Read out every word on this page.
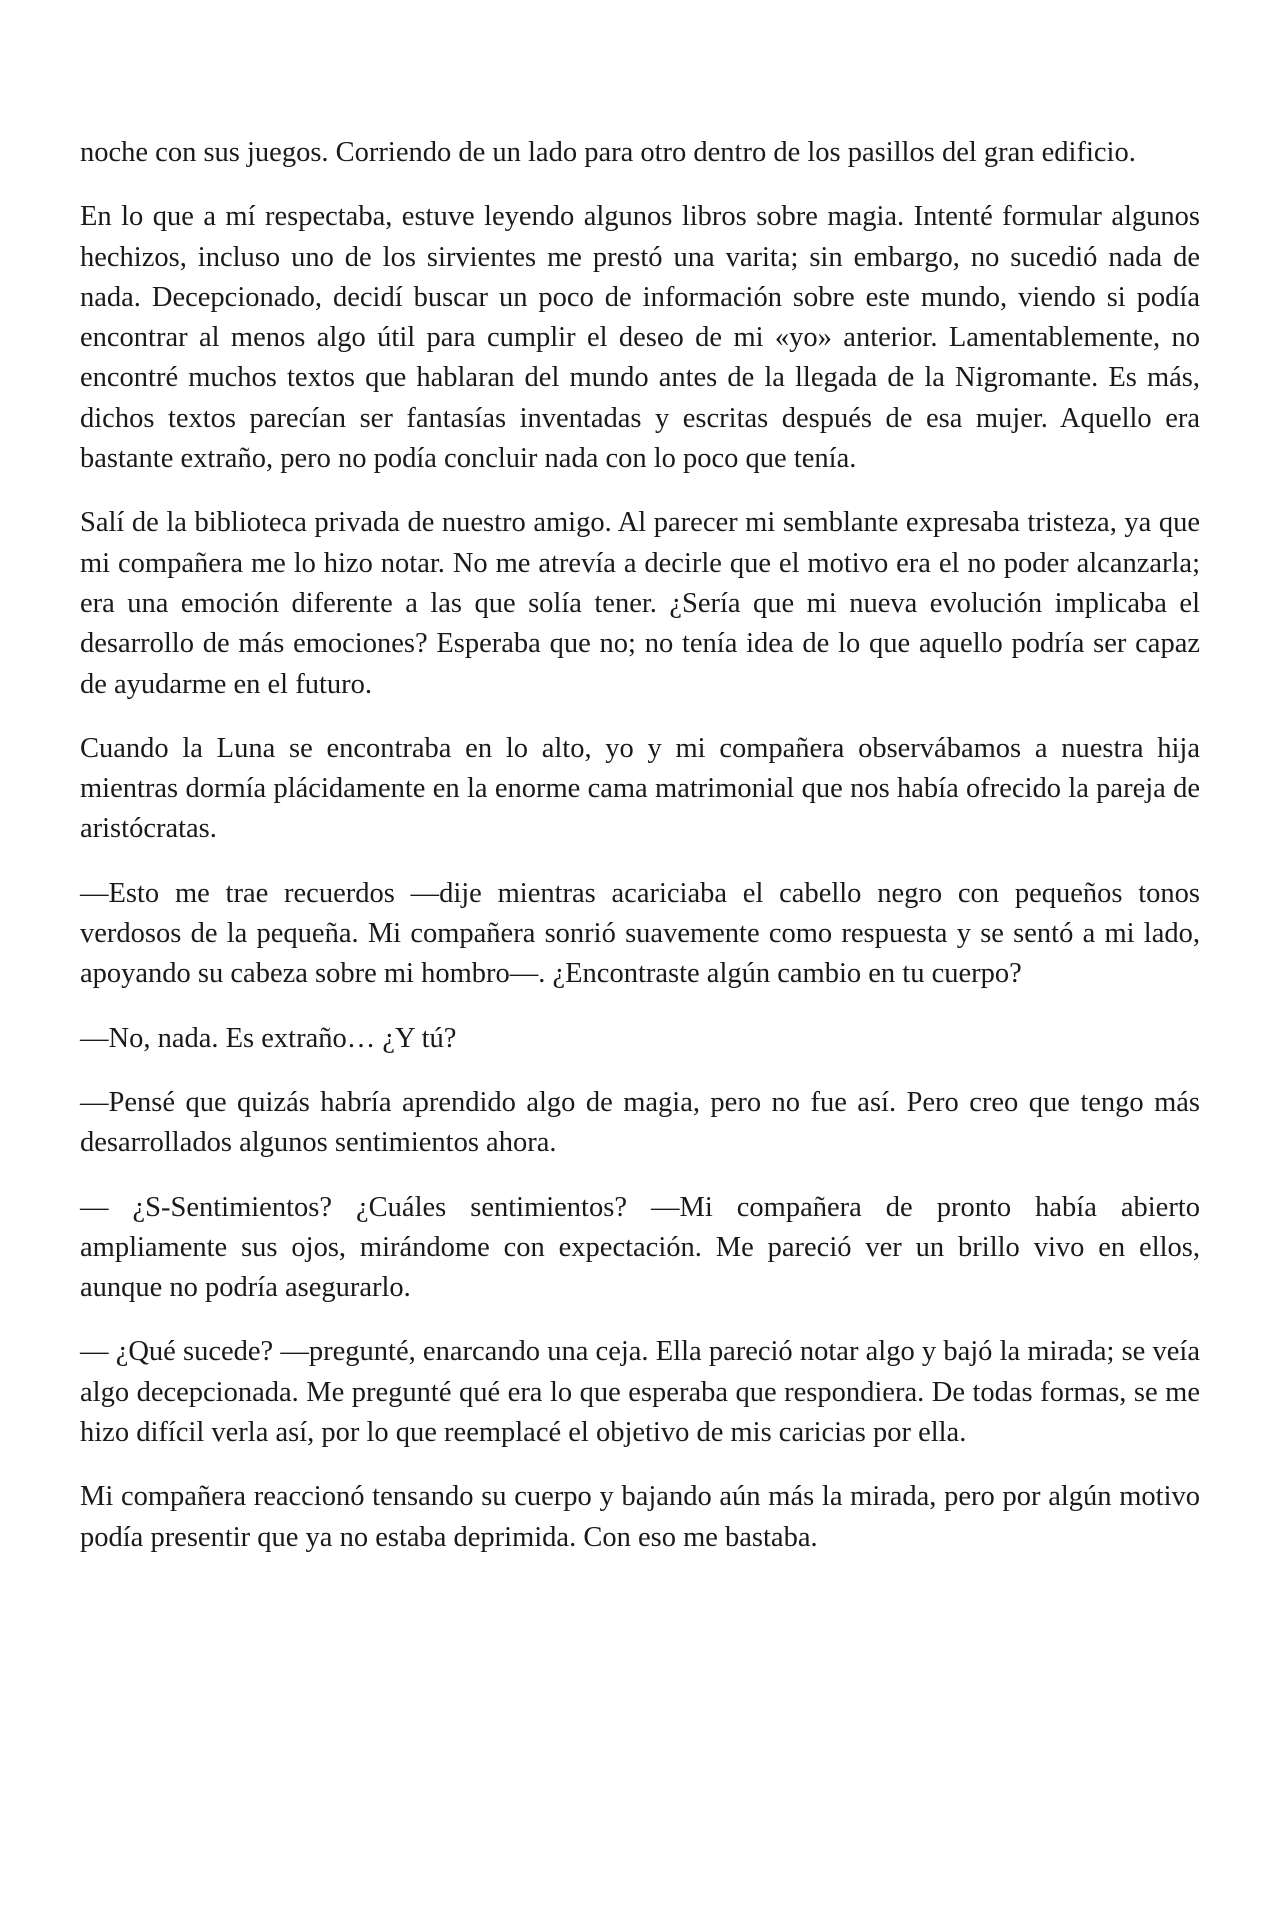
noche con sus juegos. Corriendo de un lado para otro dentro de los pasillos del gran edificio.

En lo que a mí respectaba, estuve leyendo algunos libros sobre magia. Intenté formular algunos hechizos, incluso uno de los sirvientes me prestó una varita; sin embargo, no sucedió nada de nada. Decepcionado, decidí buscar un poco de información sobre este mundo, viendo si podía encontrar al menos algo útil para cumplir el deseo de mi «yo» anterior. Lamentablemente, no encontré muchos textos que hablaran del mundo antes de la llegada de la Nigromante. Es más, dichos textos parecían ser fantasías inventadas y escritas después de esa mujer. Aquello era bastante extraño, pero no podía concluir nada con lo poco que tenía.

Salí de la biblioteca privada de nuestro amigo. Al parecer mi semblante expresaba tristeza, ya que mi compañera me lo hizo notar. No me atrevía a decirle que el motivo era el no poder alcanzarla; era una emoción diferente a las que solía tener. ¿Sería que mi nueva evolución implicaba el desarrollo de más emociones? Esperaba que no; no tenía idea de lo que aquello podría ser capaz de ayudarme en el futuro.

Cuando la Luna se encontraba en lo alto, yo y mi compañera observábamos a nuestra hija mientras dormía plácidamente en la enorme cama matrimonial que nos había ofrecido la pareja de aristócratas.

—Esto me trae recuerdos —dije mientras acariciaba el cabello negro con pequeños tonos verdosos de la pequeña. Mi compañera sonrió suavemente como respuesta y se sentó a mi lado, apoyando su cabeza sobre mi hombro—. ¿Encontraste algún cambio en tu cuerpo?

—No, nada. Es extraño… ¿Y tú?

—Pensé que quizás habría aprendido algo de magia, pero no fue así. Pero creo que tengo más desarrollados algunos sentimientos ahora.

— ¿S-Sentimientos? ¿Cuáles sentimientos? —Mi compañera de pronto había abierto ampliamente sus ojos, mirándome con expectación. Me pareció ver un brillo vivo en ellos, aunque no podría asegurarlo.

— ¿Qué sucede? —pregunté, enarcando una ceja. Ella pareció notar algo y bajó la mirada; se veía algo decepcionada. Me pregunté qué era lo que esperaba que respondiera. De todas formas, se me hizo difícil verla así, por lo que reemplacé el objetivo de mis caricias por ella.

Mi compañera reaccionó tensando su cuerpo y bajando aún más la mirada, pero por algún motivo podía presentir que ya no estaba deprimida. Con eso me bastaba.
